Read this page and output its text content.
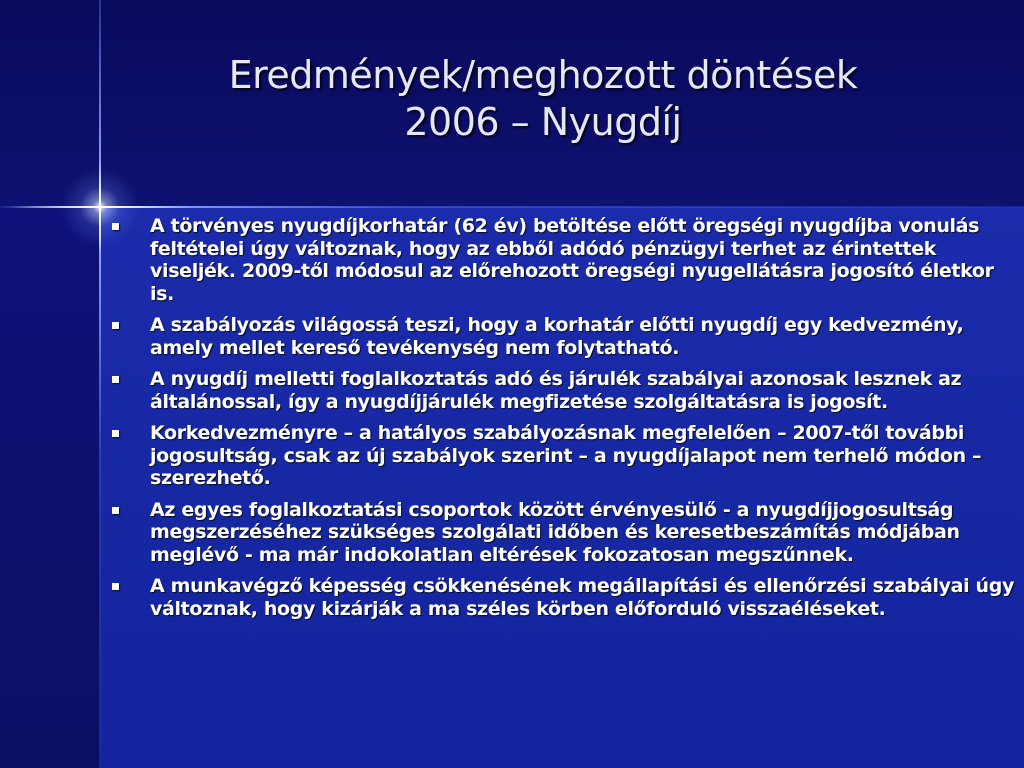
Eredmények/meghozott döntések
2006 – Nyugdíj
A törvényes nyugdíjkorhatár (62 év) betöltése előtt öregségi nyugdíjba vonulás feltételei úgy változnak, hogy az ebből adódó pénzügyi terhet az érintettek viseljék. 2009-től módosul az előrehozott öregségi nyugellátásra jogosító életkor is.
A szabályozás világossá teszi, hogy a korhatár előtti nyugdíj egy kedvezmény, amely mellet kereső tevékenység nem folytatható.
A nyugdíj melletti foglalkoztatás adó és járulék szabályai azonosak lesznek az általánossal, így a nyugdíjjárulék megfizetése szolgáltatásra is jogosít.
Korkedvezményre – a hatályos szabályozásnak megfelelően – 2007-től további jogosultság, csak az új szabályok szerint – a nyugdíjalapot nem terhelő módon – szerezhető.
Az egyes foglalkoztatási csoportok között érvényesülő - a nyugdíjjogosultság megszerzéséhez szükséges szolgálati időben és keresetbeszámítás módjában meglévő - ma már indokolatlan eltérések fokozatosan megszűnnek.
A munkavégző képesség csökkenésének megállapítási és ellenőrzési szabályai úgy változnak, hogy kizárják a ma széles körben előforduló visszaéléseket.
